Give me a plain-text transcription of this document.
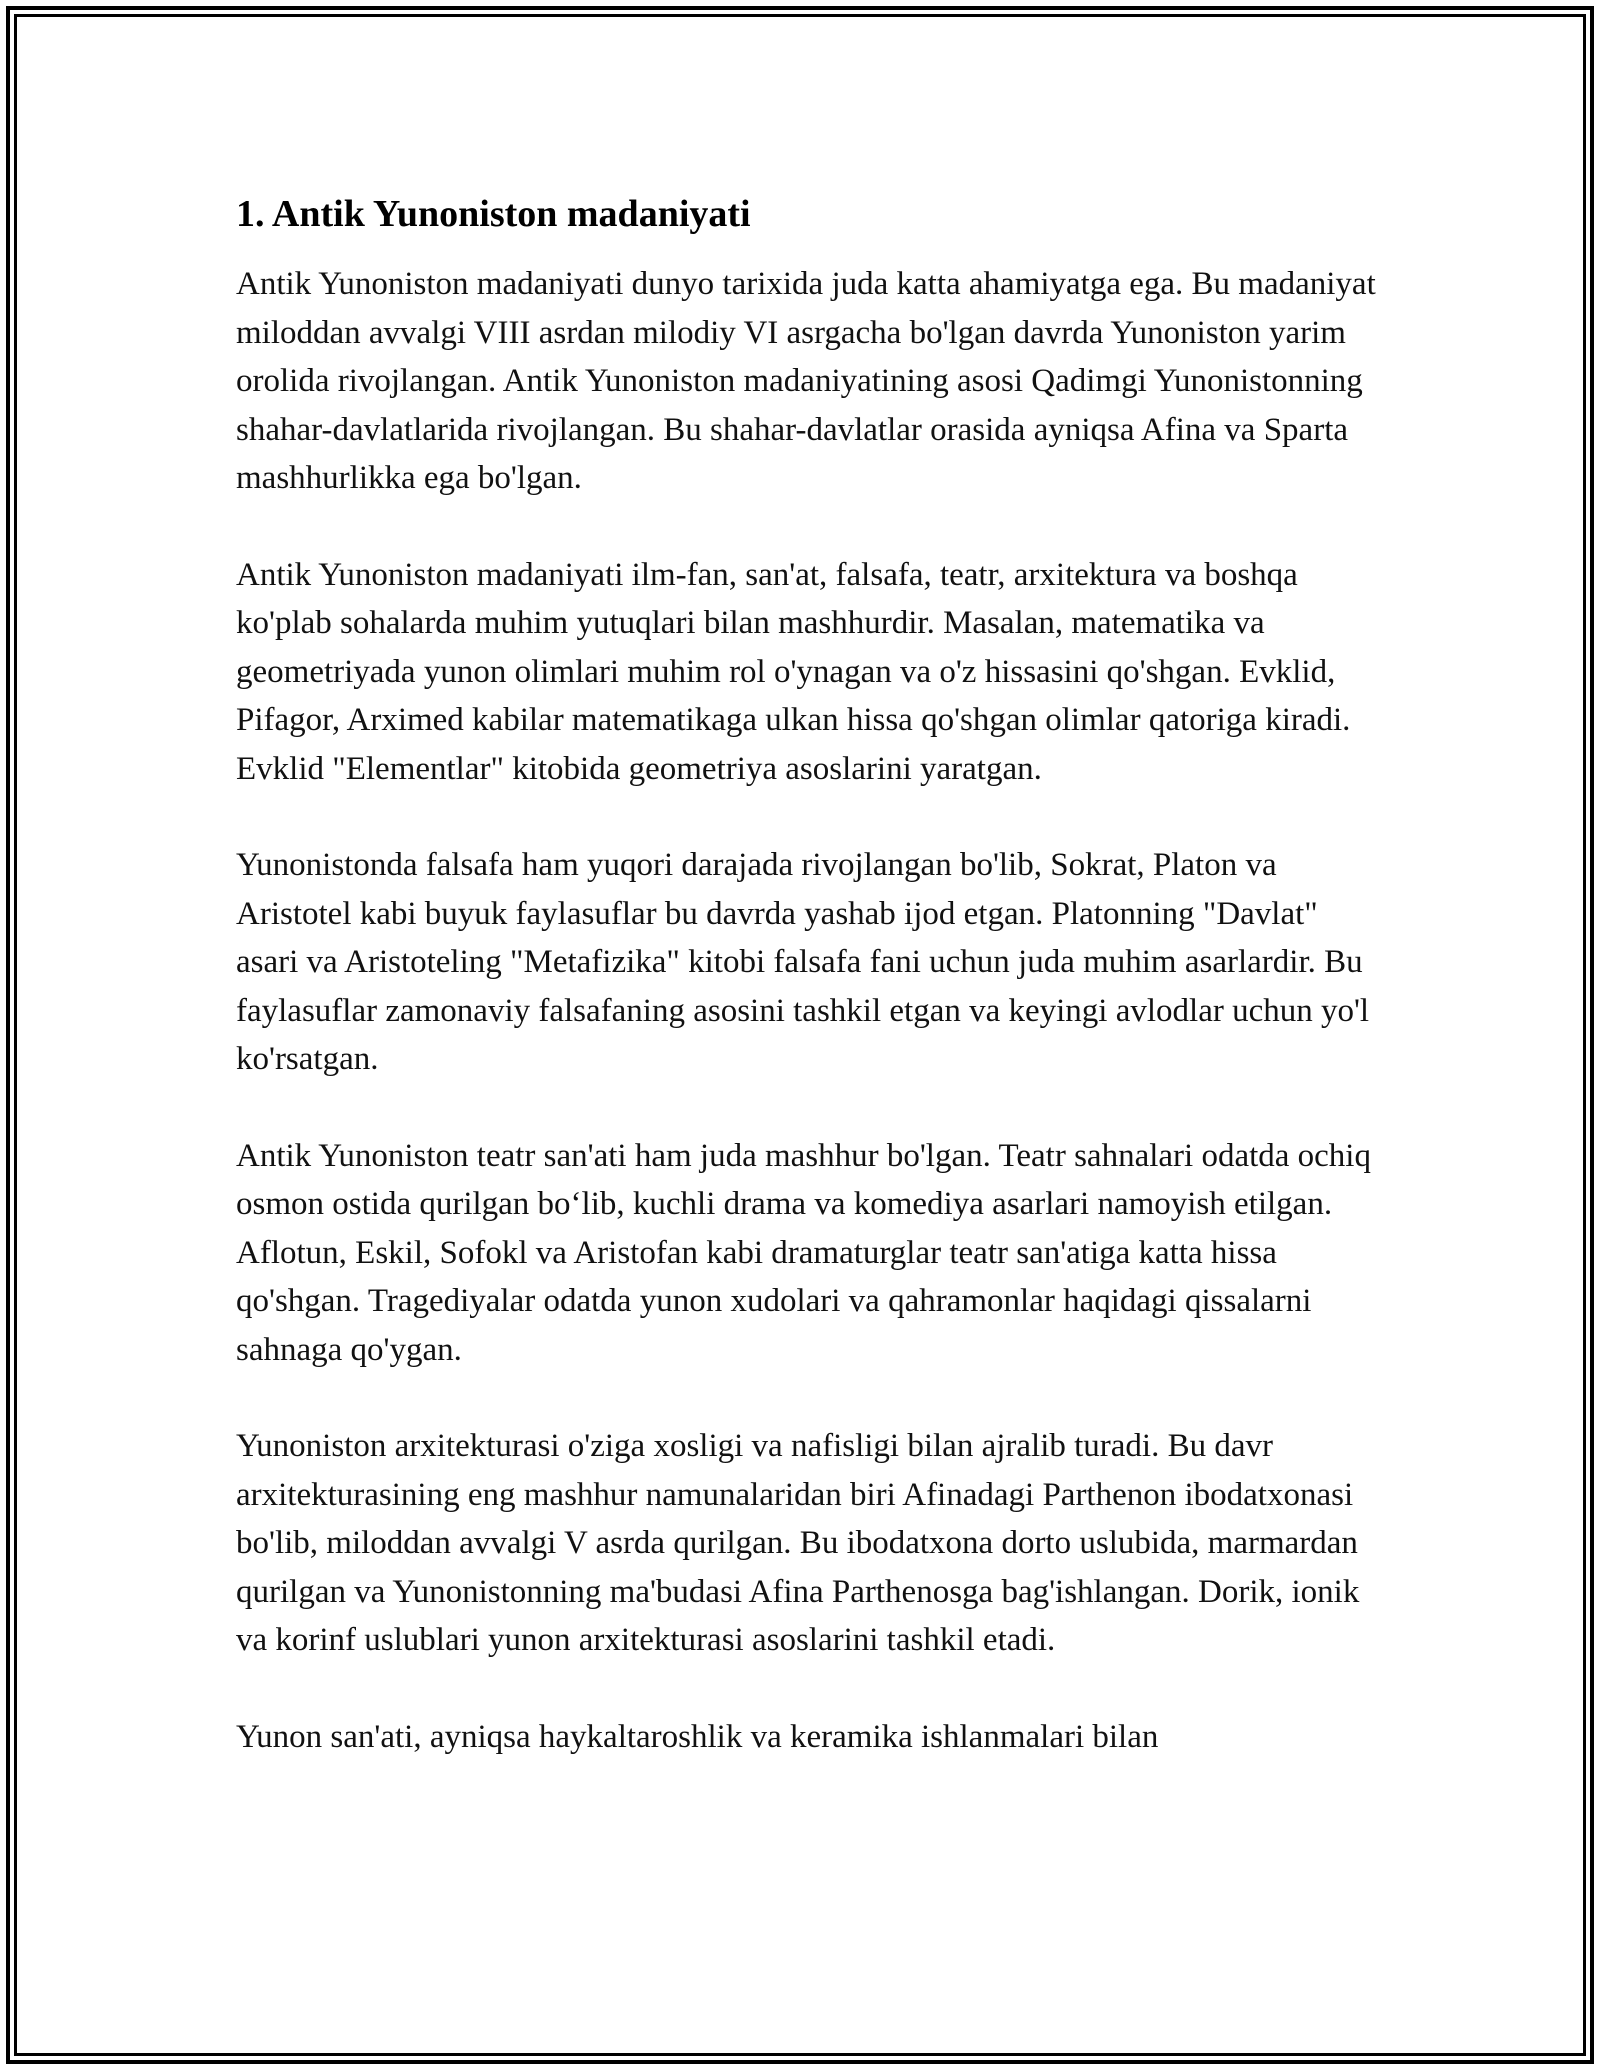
1. Antik Yunoniston madaniyati

Antik Yunoniston madaniyati dunyo tarixida juda katta ahamiyatga ega. Bu madaniyat miloddan avvalgi VIII asrdan milodiy VI asrgacha bo'lgan davrda Yunoniston yarim orolida rivojlangan. Antik Yunoniston madaniyatining asosi Qadimgi Yunonistonning shahar-davlatlarida rivojlangan. Bu shahar-davlatlar orasida ayniqsa Afina va Sparta mashhurlikka ega bo'lgan.

Antik Yunoniston madaniyati ilm-fan, san'at, falsafa, teatr, arxitektura va boshqa ko'plab sohalarda muhim yutuqlari bilan mashhurdir. Masalan, matematika va geometriyada yunon olimlari muhim rol o'ynagan va o'z hissasini qo'shgan. Evklid, Pifagor, Arximed kabilar matematikaga ulkan hissa qo'shgan olimlar qatoriga kiradi. Evklid "Elementlar" kitobida geometriya asoslarini yaratgan.

Yunonistonda falsafa ham yuqori darajada rivojlangan bo'lib, Sokrat, Platon va Aristotel kabi buyuk faylasuflar bu davrda yashab ijod etgan. Platonning "Davlat" asari va Aristoteling "Metafizika" kitobi falsafa fani uchun juda muhim asarlardir. Bu faylasuflar zamonaviy falsafaning asosini tashkil etgan va keyingi avlodlar uchun yo'l ko'rsatgan.

Antik Yunoniston teatr san'ati ham juda mashhur bo'lgan. Teatr sahnalari odatda ochiq osmon ostida qurilgan bo‘lib, kuchli drama va komediya asarlari namoyish etilgan. Aflotun, Eskil, Sofokl va Aristofan kabi dramaturglar teatr san'atiga katta hissa qo'shgan. Tragediyalar odatda yunon xudolari va qahramonlar haqidagi qissalarni sahnaga qo'ygan.

Yunoniston arxitekturasi o'ziga xosligi va nafisligi bilan ajralib turadi. Bu davr arxitekturasining eng mashhur namunalaridan biri Afinadagi Parthenon ibodatxonasi bo'lib, miloddan avvalgi V asrda qurilgan. Bu ibodatxona dorto uslubida, marmardan qurilgan va Yunonistonning ma'budasi Afina Parthenosga bag'ishlangan. Dorik, ionik va korinf uslublari yunon arxitekturasi asoslarini tashkil etadi.

Yunon san'ati, ayniqsa haykaltaroshlik va keramika ishlanmalari bilan
